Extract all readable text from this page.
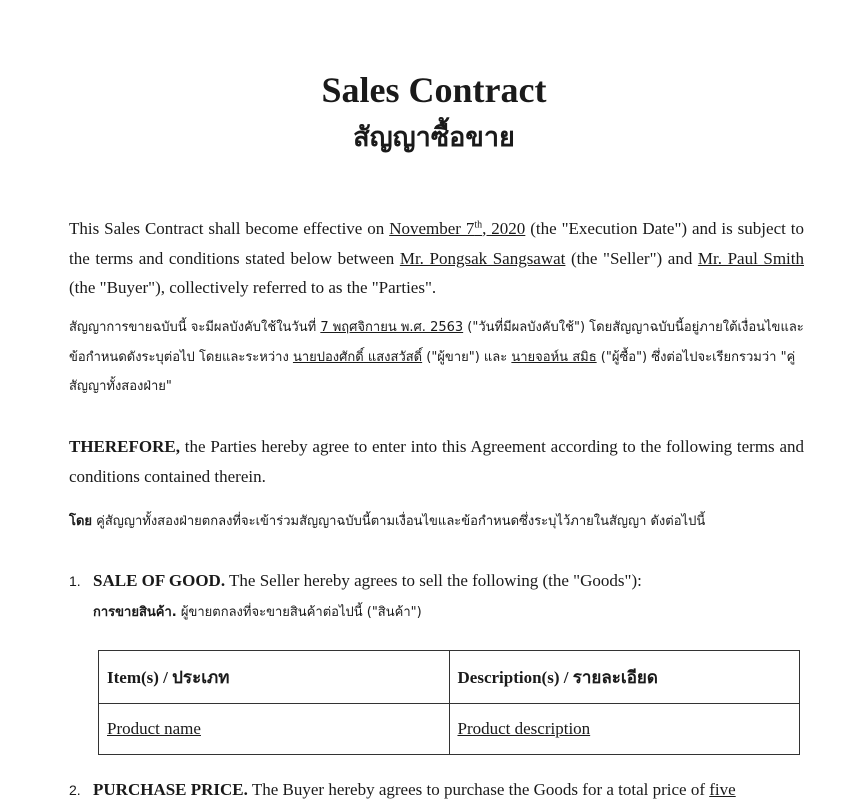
Sales Contract
สัญญาซื้อขาย

This Sales Contract shall become effective on November 7th, 2020 (the "Execution Date") and is subject to the terms and conditions stated below between Mr. Pongsak Sangsawat (the "Seller") and Mr. Paul Smith (the "Buyer"), collectively referred to as the "Parties".

สัญญาการขายฉบับนี้ จะมีผลบังคับใช้ในวันที่ 7 พฤศจิกายน พ.ศ. 2563 ("วันที่มีผลบังคับใช้") โดยสัญญาฉบับนี้อยู่ภายใต้เงื่อนไขและข้อกำหนดดังระบุต่อไป โดยและระหว่าง นายปองศักดิ์ แสงสวัสดิ์ ("ผู้ขาย") และ นายจอห์น สมิธ ("ผู้ซื้อ") ซึ่งต่อไปจะเรียกรวมว่า "คู่สัญญาทั้งสองฝ่าย"

THEREFORE, the Parties hereby agree to enter into this Agreement according to the following terms and conditions contained therein.

โดย คู่สัญญาทั้งสองฝ่ายตกลงที่จะเข้าร่วมสัญญาฉบับนี้ตามเงื่อนไขและข้อกำหนดซึ่งระบุไว้ภายในสัญญา ดังต่อไปนี้

1. SALE OF GOOD. The Seller hereby agrees to sell the following (the "Goods"):

การขายสินค้า. ผู้ขายตกลงที่จะขายสินค้าต่อไปนี้ ("สินค้า")

Item(s) / ประเภท	Description(s) / รายละเอียด
Product name	Product description

2. PURCHASE PRICE. The Buyer hereby agrees to purchase the Goods for a total price of five
